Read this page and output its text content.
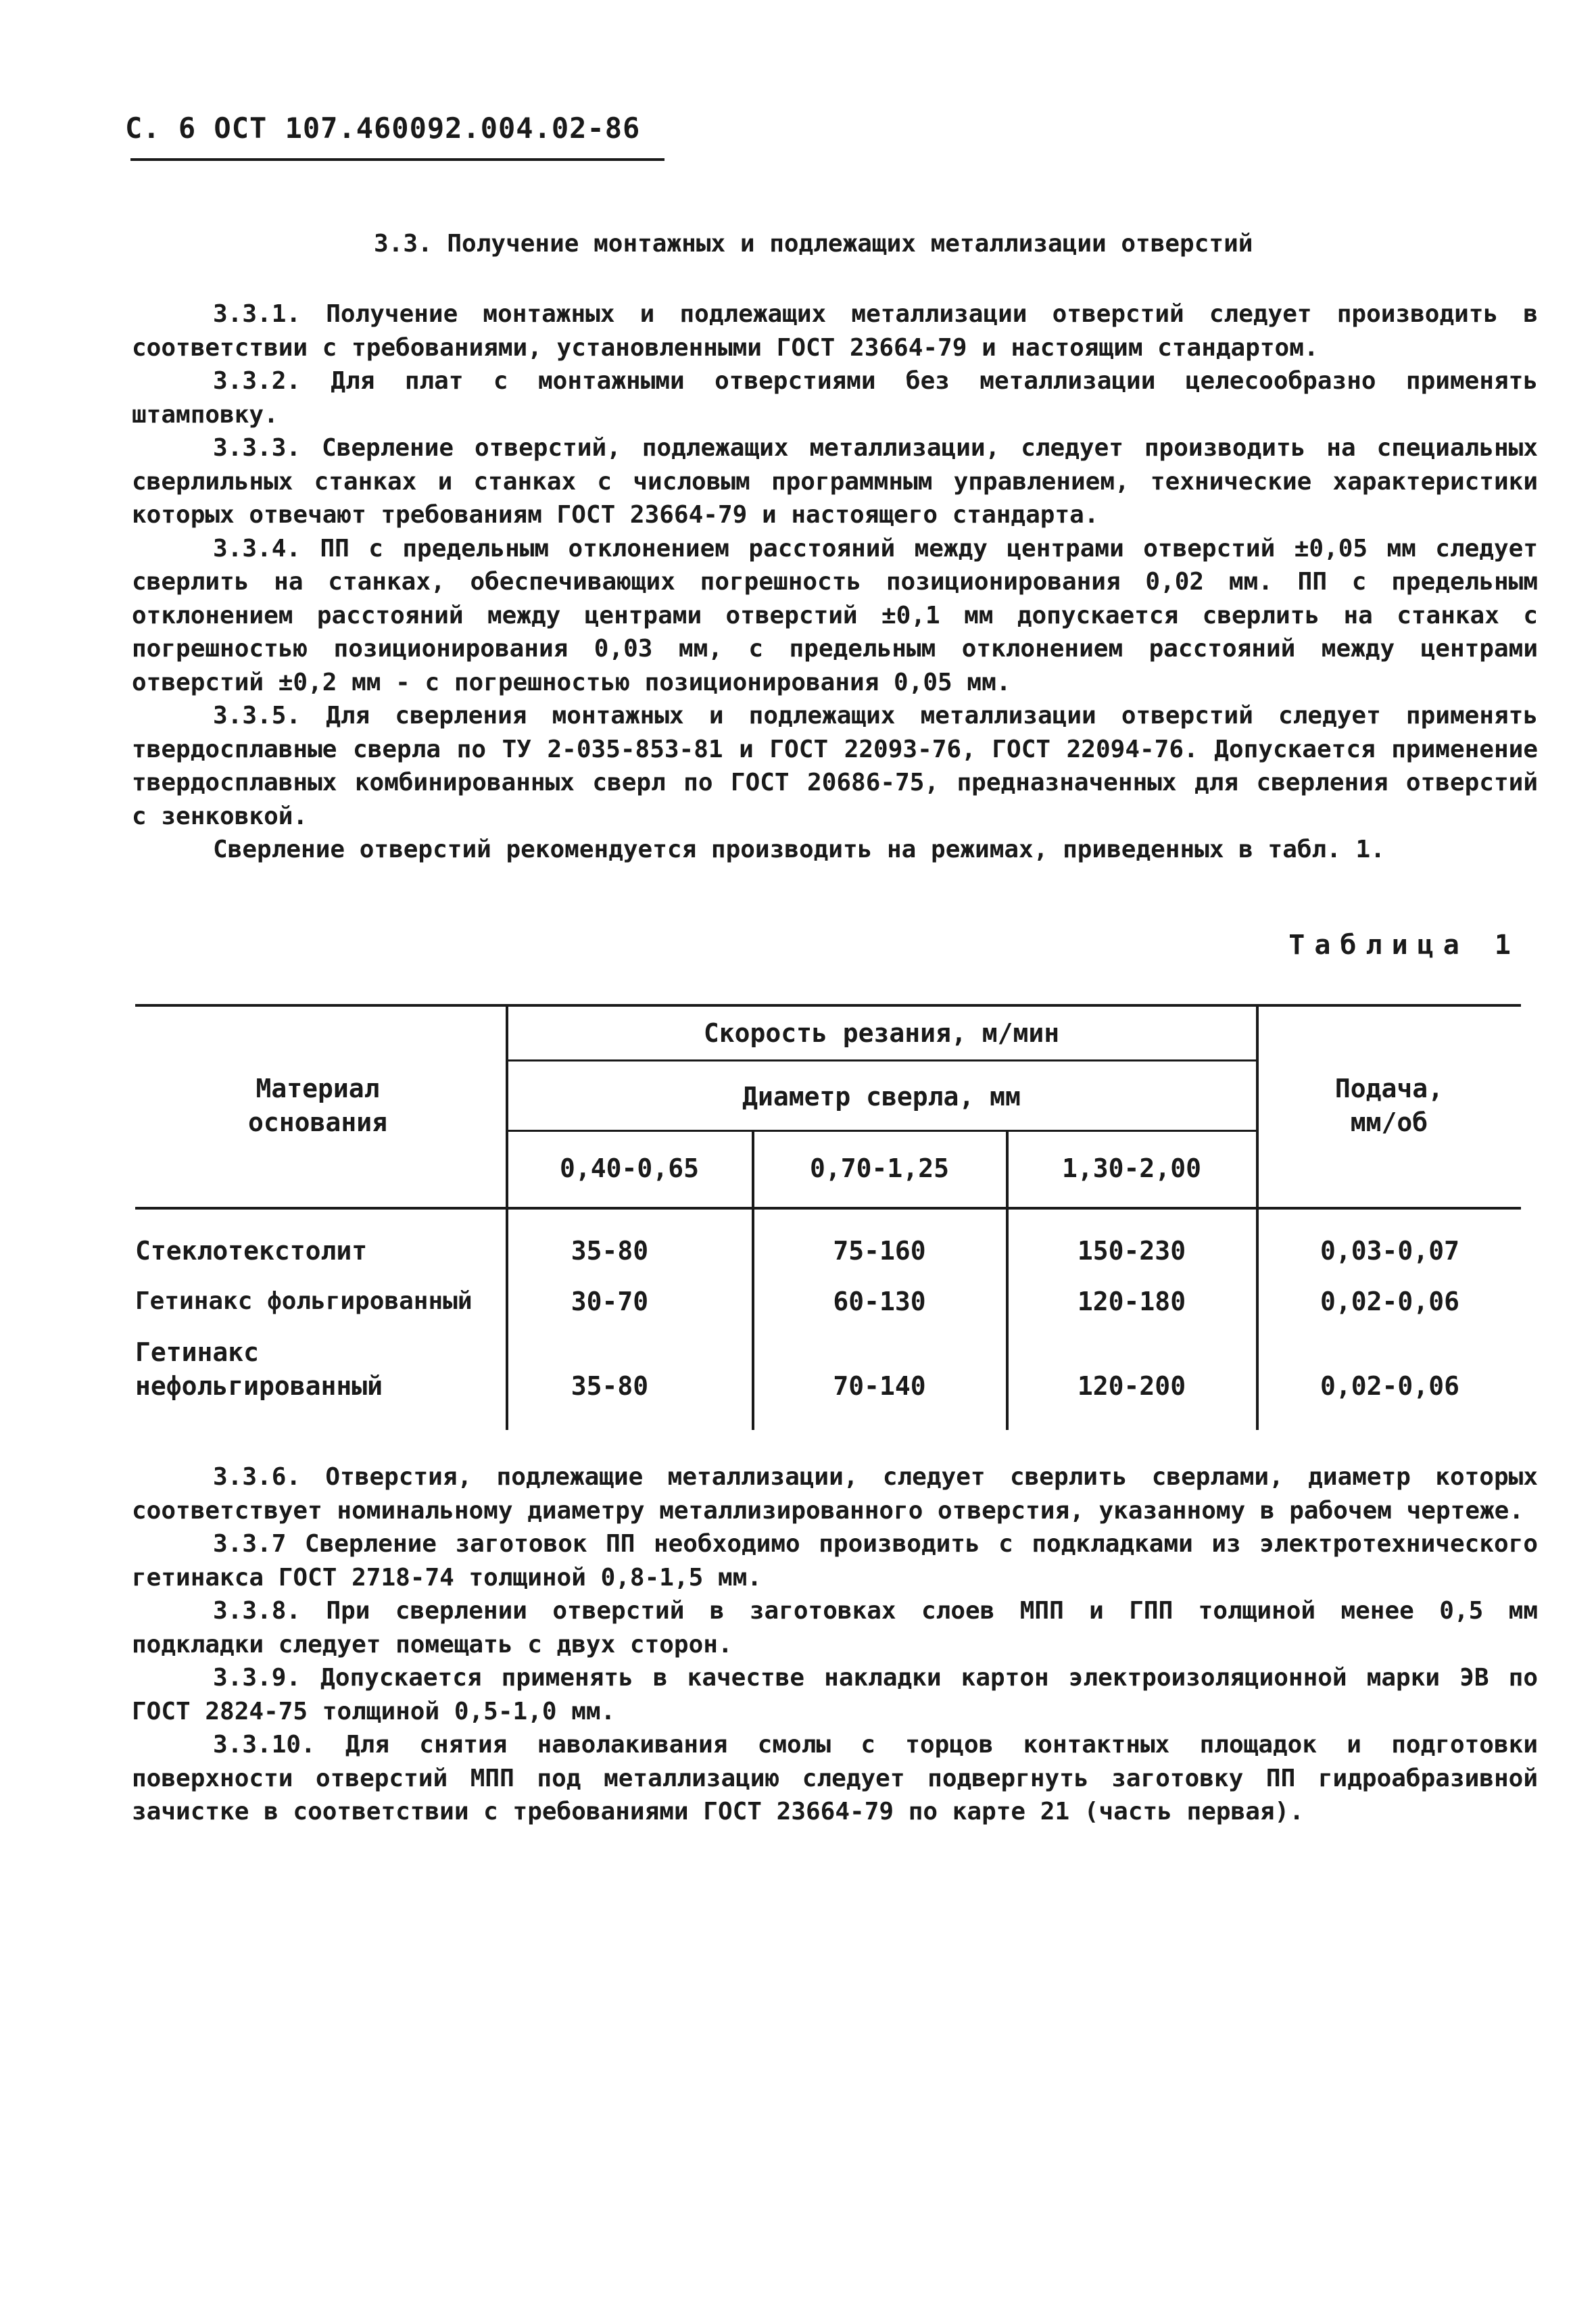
С. 6 ОСТ 107.460092.004.02-86
3.3. Получение монтажных и подлежащих металлизации отверстий

3.3.1. Получение монтажных и подлежащих металлизации отверстий следует производить в соответствии с требованиями, установленными ГОСТ 23664-79 и настоящим стандартом.

3.3.2. Для плат с монтажными отверстиями без металлизации целесообразно применять штамповку.

3.3.3. Сверление отверстий, подлежащих металлизации, следует производить на специальных сверлильных станках и станках с числовым программным управлением, технические характеристики которых отвечают требованиям ГОСТ 23664-79 и настоящего стандарта.

3.3.4. ПП с предельным отклонением расстояний между центрами отверстий ±0,05 мм следует сверлить на станках, обеспечивающих погрешность позиционирования 0,02 мм. ПП с предельным отклонением расстояний между центрами отверстий ±0,1 мм допускается сверлить на станках с погрешностью позиционирования 0,03 мм, с предельным отклонением расстояний между центрами отверстий ±0,2 мм - с погрешностью позиционирования 0,05 мм.

3.3.5. Для сверления монтажных и подлежащих металлизации отверстий следует применять твердосплавные сверла по ТУ 2-035-853-81 и ГОСТ 22093-76, ГОСТ 22094-76. Допускается применение твердосплавных комбинированных сверл по ГОСТ 20686-75, предназначенных для сверления отверстий с зенковкой.

Сверление отверстий рекомендуется производить на режимах, приведенных в табл. 1.

Таблица 1
Материал основания
Скорость резания, м/мин
Диаметр сверла, мм	Подача, мм/об
0,40-0,65	0,70-1,25	1,30-2,00
Стеклотекстолит	35-80	75-160	150-230	0,03-0,07
Гетинакс фольгированный	30-70	60-130	120-180	0,02-0,06
Гетинакс нефольгированный	35-80	70-140	120-200	0,02-0,06

3.3.6. Отверстия, подлежащие металлизации, следует сверлить сверлами, диаметр которых соответствует номинальному диаметру металлизированного отверстия, указанному в рабочем чертеже.

3.3.7 Сверление заготовок ПП необходимо производить с подкладками из электротехнического гетинакса ГОСТ 2718-74 толщиной 0,8-1,5 мм.

3.3.8. При сверлении отверстий в заготовках слоев МПП и ГПП толщиной менее 0,5 мм подкладки следует помещать с двух сторон.

3.3.9. Допускается применять в качестве накладки картон электроизоляционной марки ЭВ по ГОСТ 2824-75 толщиной 0,5-1,0 мм.

3.3.10. Для снятия наволакивания смолы с торцов контактных площадок и подготовки поверхности отверстий МПП под металлизацию следует подвергнуть заготовку ПП гидроабразивной зачистке в соответствии с требованиями ГОСТ 23664-79 по карте 21 (часть первая).
